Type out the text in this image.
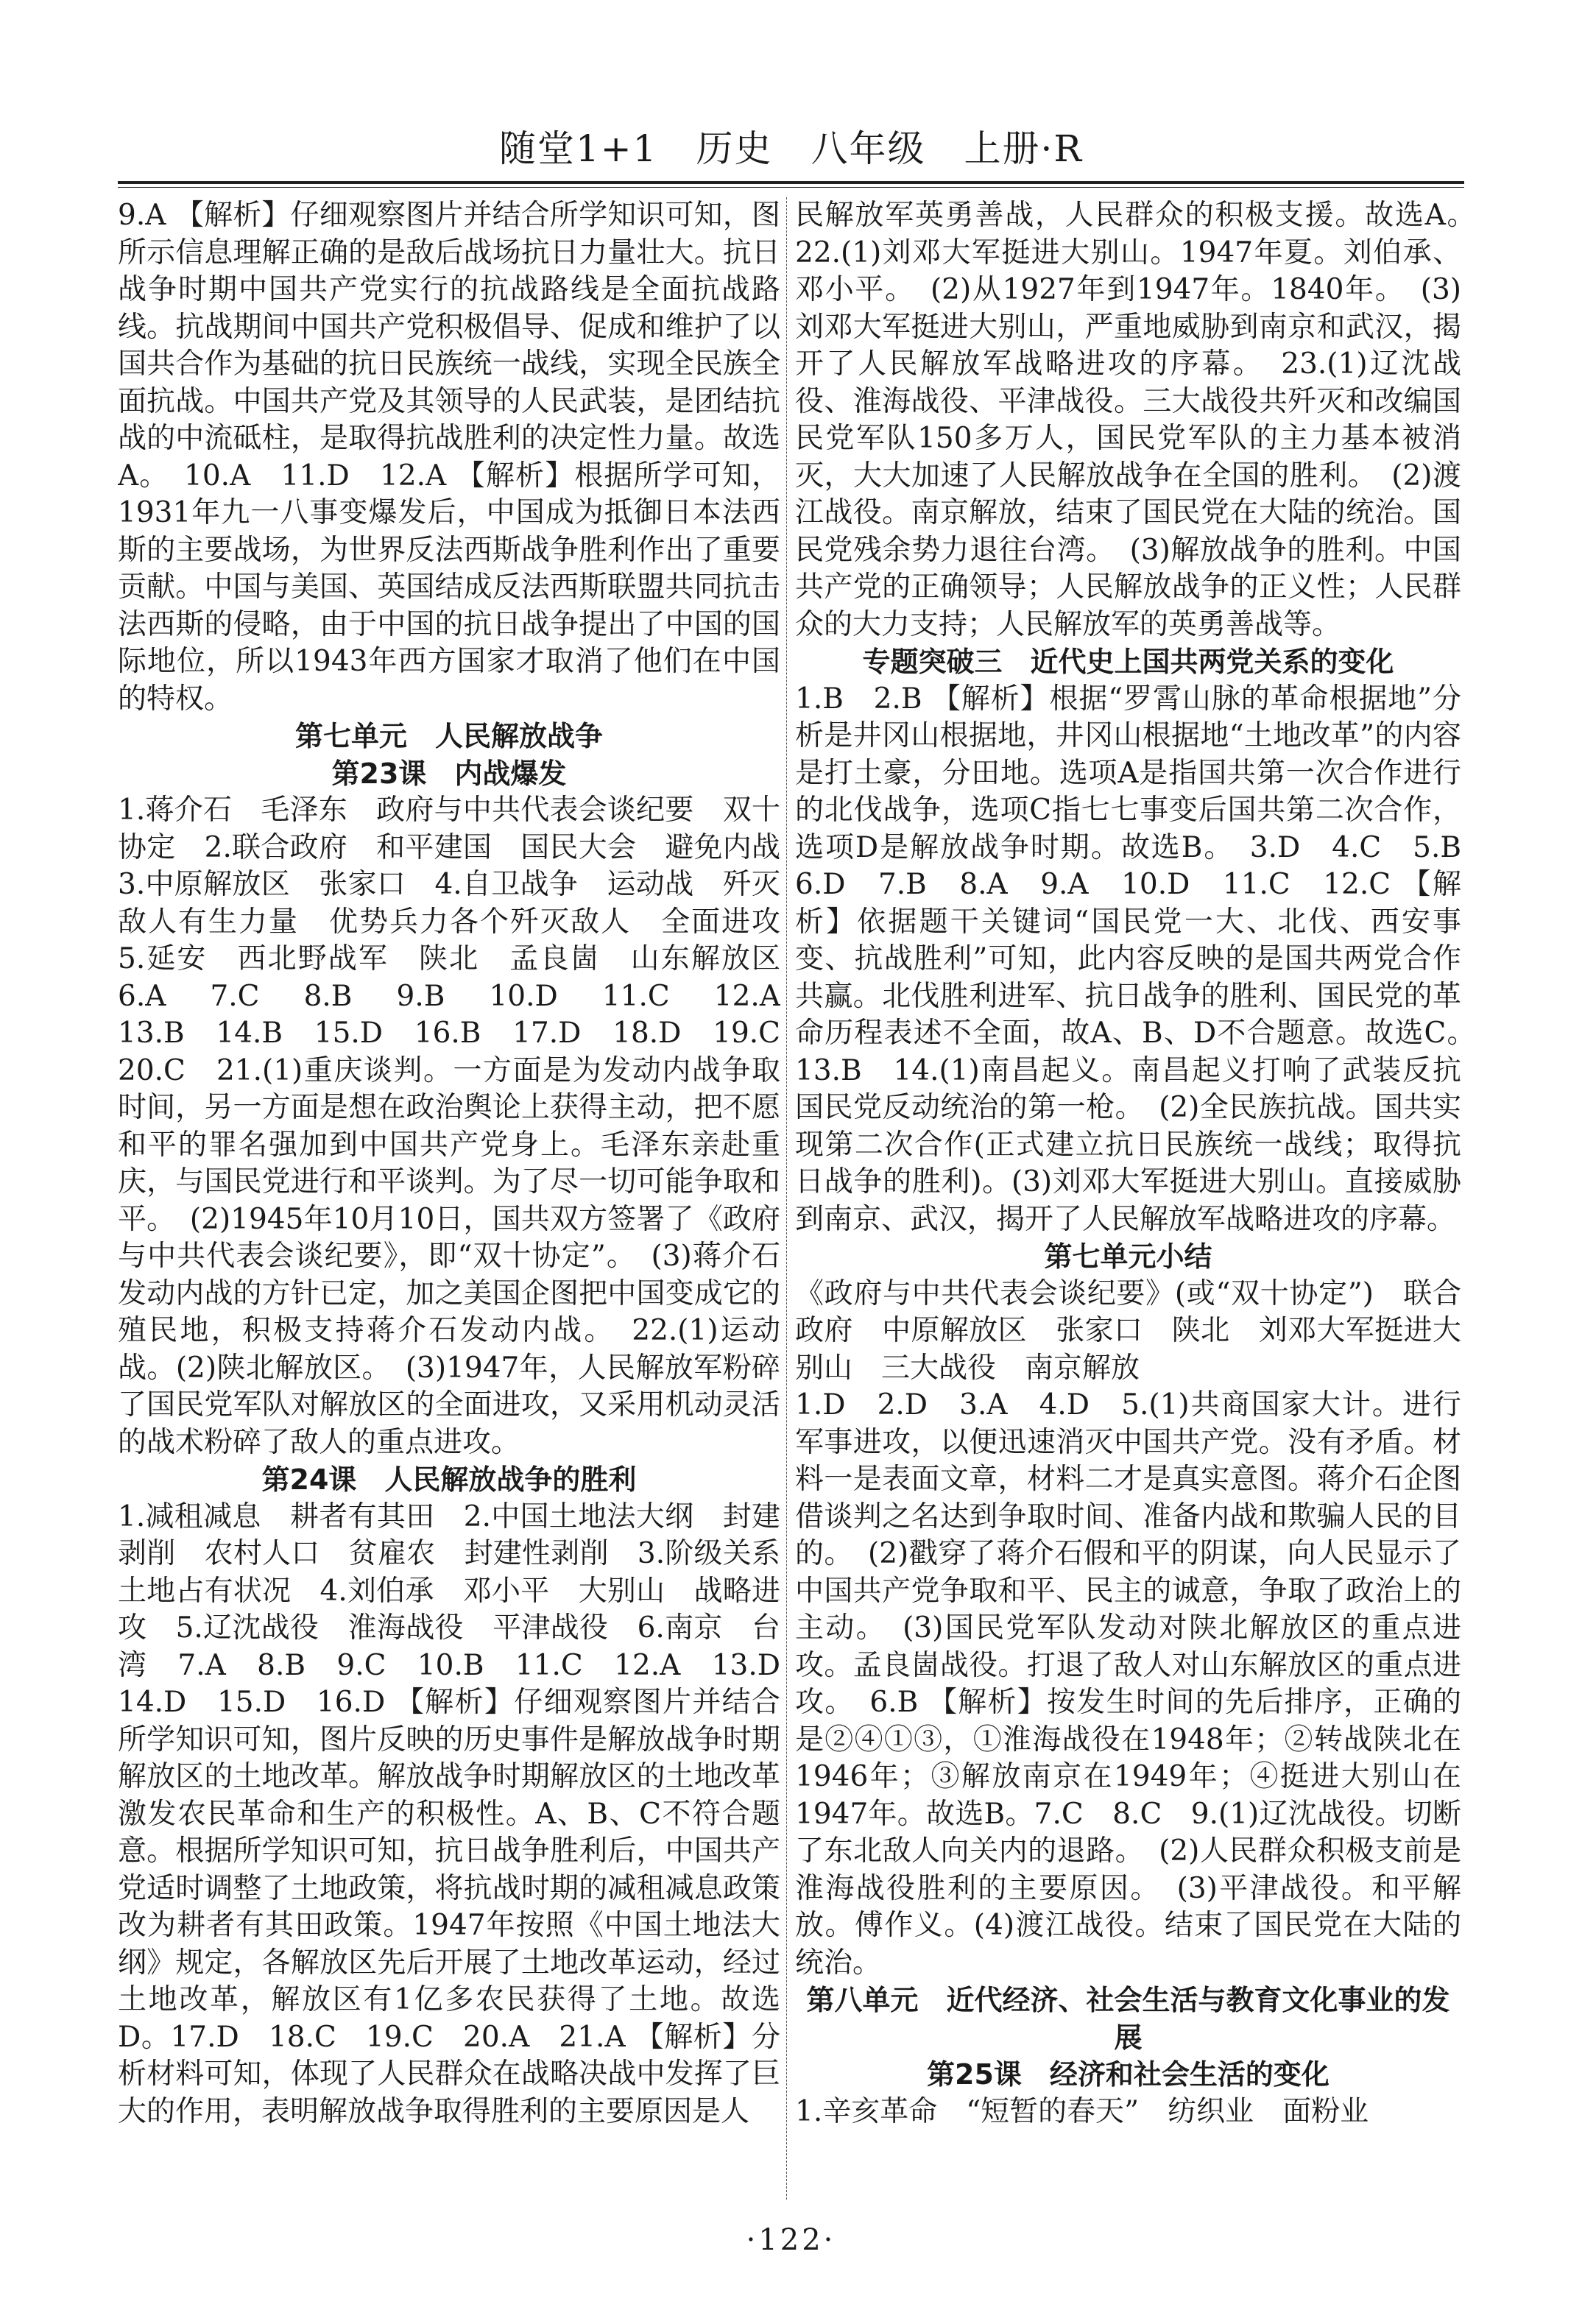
随堂1+1　历史　八年级　上册·R

9.A 【解析】仔细观察图片并结合所学知识可知，图所示信息理解正确的是敌后战场抗日力量壮大。抗日战争时期中国共产党实行的抗战路线是全面抗战路线。抗战期间中国共产党积极倡导、促成和维护了以国共合作为基础的抗日民族统一战线，实现全民族全面抗战。中国共产党及其领导的人民武装，是团结抗战的中流砥柱，是取得抗战胜利的决定性力量。故选A。　10.A　11.D　12.A 【解析】根据所学可知，1931年九一八事变爆发后，中国成为抵御日本法西斯的主要战场，为世界反法西斯战争胜利作出了重要贡献。中国与美国、英国结成反法西斯联盟共同抗击法西斯的侵略，由于中国的抗日战争提出了中国的国际地位，所以1943年西方国家才取消了他们在中国的特权。

第七单元　人民解放战争

第23课　内战爆发

1.蒋介石　毛泽东　政府与中共代表会谈纪要　双十协定　2.联合政府　和平建国　国民大会　避免内战　3.中原解放区　张家口　4.自卫战争　运动战　歼灭敌人有生力量　优势兵力各个歼灭敌人　全面进攻　5.延安　西北野战军　陕北　孟良崮　山东解放区　6.A　7.C　8.B　9.B　10.D　11.C　12.A　13.B　14.B　15.D　16.B　17.D　18.D　19.C　20.C　21.(1)重庆谈判。一方面是为发动内战争取时间，另一方面是想在政治舆论上获得主动，把不愿和平的罪名强加到中国共产党身上。毛泽东亲赴重庆，与国民党进行和平谈判。为了尽一切可能争取和平。　(2)1945年10月10日，国共双方签署了《政府与中共代表会谈纪要》，即“双十协定”。　(3)蒋介石发动内战的方针已定，加之美国企图把中国变成它的殖民地，积极支持蒋介石发动内战。　22.(1)运动战。(2)陕北解放区。　(3)1947年，人民解放军粉碎了国民党军队对解放区的全面进攻，又采用机动灵活的战术粉碎了敌人的重点进攻。

第24课　人民解放战争的胜利

1.减租减息　耕者有其田　2.中国土地法大纲　封建剥削　农村人口　贫雇农　封建性剥削　3.阶级关系　土地占有状况　4.刘伯承　邓小平　大别山　战略进攻　5.辽沈战役　淮海战役　平津战役　6.南京　台湾　7.A　8.B　9.C　10.B　11.C　12.A　13.D　14.D　15.D　16.D 【解析】仔细观察图片并结合所学知识可知，图片反映的历史事件是解放战争时期解放区的土地改革。解放战争时期解放区的土地改革激发农民革命和生产的积极性。A、B、C不符合题意。根据所学知识可知，抗日战争胜利后，中国共产党适时调整了土地政策，将抗战时期的减租减息政策改为耕者有其田政策。1947年按照《中国土地法大纲》规定，各解放区先后开展了土地改革运动，经过土地改革，解放区有1亿多农民获得了土地。故选D。17.D　18.C　19.C　20.A　21.A 【解析】分析材料可知，体现了人民群众在战略决战中发挥了巨大的作用，表明解放战争取得胜利的主要原因是人

民解放军英勇善战，人民群众的积极支援。故选A。　22.(1)刘邓大军挺进大别山。1947年夏。刘伯承、邓小平。　(2)从1927年到1947年。1840年。　(3)刘邓大军挺进大别山，严重地威胁到南京和武汉，揭开了人民解放军战略进攻的序幕。　23.(1)辽沈战役、淮海战役、平津战役。三大战役共歼灭和改编国民党军队150多万人，国民党军队的主力基本被消灭，大大加速了人民解放战争在全国的胜利。　(2)渡江战役。南京解放，结束了国民党在大陆的统治。国民党残余势力退往台湾。　(3)解放战争的胜利。中国共产党的正确领导；人民解放战争的正义性；人民群众的大力支持；人民解放军的英勇善战等。

专题突破三　近代史上国共两党关系的变化

1.B　2.B 【解析】根据“罗霄山脉的革命根据地”分析是井冈山根据地，井冈山根据地“土地改革”的内容是打土豪，分田地。选项A是指国共第一次合作进行的北伐战争，选项C指七七事变后国共第二次合作，选项D是解放战争时期。故选B。　3.D　4.C　5.B　6.D　7.B　8.A　9.A　10.D　11.C　12.C 【解析】依据题干关键词“国民党一大、北伐、西安事变、抗战胜利”可知，此内容反映的是国共两党合作共赢。北伐胜利进军、抗日战争的胜利、国民党的革命历程表述不全面，故A、B、D不合题意。故选C。　13.B　14.(1)南昌起义。南昌起义打响了武装反抗国民党反动统治的第一枪。　(2)全民族抗战。国共实现第二次合作(正式建立抗日民族统一战线；取得抗日战争的胜利)。(3)刘邓大军挺进大别山。直接威胁到南京、武汉，揭开了人民解放军战略进攻的序幕。

第七单元小结

《政府与中共代表会谈纪要》(或“双十协定”)　联合政府　中原解放区　张家口　陕北　刘邓大军挺进大别山　三大战役　南京解放

1.D　2.D　3.A　4.D　5.(1)共商国家大计。进行军事进攻，以便迅速消灭中国共产党。没有矛盾。材料一是表面文章，材料二才是真实意图。蒋介石企图借谈判之名达到争取时间、准备内战和欺骗人民的目的。　(2)戳穿了蒋介石假和平的阴谋，向人民显示了中国共产党争取和平、民主的诚意，争取了政治上的主动。　(3)国民党军队发动对陕北解放区的重点进攻。孟良崮战役。打退了敌人对山东解放区的重点进攻。　6.B 【解析】按发生时间的先后排序，正确的是②④①③，①淮海战役在1948年；②转战陕北在1946年；③解放南京在1949年；④挺进大别山在1947年。故选B。7.C　8.C　9.(1)辽沈战役。切断了东北敌人向关内的退路。　(2)人民群众积极支前是淮海战役胜利的主要原因。　(3)平津战役。和平解放。傅作义。(4)渡江战役。结束了国民党在大陆的统治。

第八单元　近代经济、社会生活与教育文化事业的发展

第25课　经济和社会生活的变化

1.辛亥革命　“短暂的春天”　纺织业　面粉业

·122·
